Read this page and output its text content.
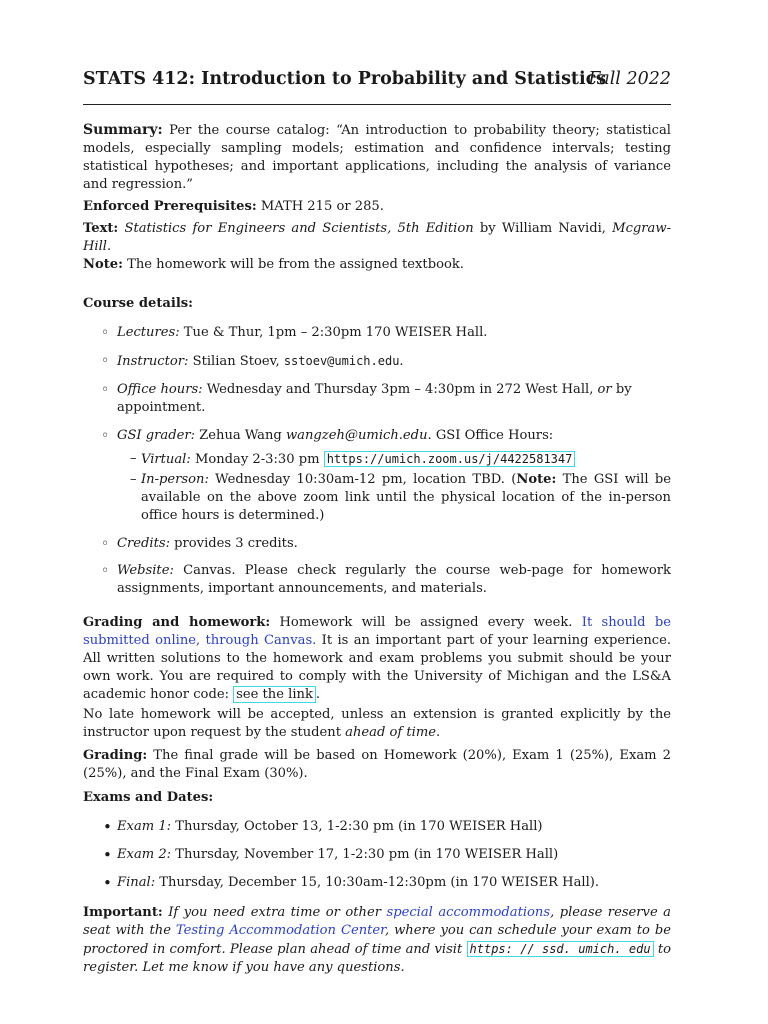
STATS 412: Introduction to Probability and Statistics
Fall 2022

Summary: Per the course catalog: “An introduction to probability theory; statistical models, especially sampling models; estimation and confidence intervals; testing statistical hypotheses; and important applications, including the analysis of variance and regression.”

Enforced Prerequisites: MATH 215 or 285.

Text: Statistics for Engineers and Scientists, 5th Edition by William Navidi, Mcgraw-Hill.

Note: The homework will be from the assigned textbook.

Course details:

◦ Lectures: Tue & Thur, 1pm – 2:30pm 170 WEISER Hall.
◦ Instructor: Stilian Stoev, sstoev@umich.edu.
◦ Office hours: Wednesday and Thursday 3pm – 4:30pm in 272 West Hall, or by appointment.
◦ GSI grader: Zehua Wang wangzeh@umich.edu. GSI Office Hours:
– Virtual: Monday 2-3:30 pm https://umich.zoom.us/j/4422581347
– In-person: Wednesday 10:30am-12 pm, location TBD. (Note: The GSI will be available on the above zoom link until the physical location of the in-person office hours is determined.)
◦ Credits: provides 3 credits.
◦ Website: Canvas. Please check regularly the course web-page for homework assignments, important announcements, and materials.

Grading and homework: Homework will be assigned every week. It should be submitted online, through Canvas. It is an important part of your learning experience. All written solutions to the homework and exam problems you submit should be your own work. You are required to comply with the University of Michigan and the LS&A academic honor code: see the link .

No late homework will be accepted, unless an extension is granted explicitly by the instructor upon request by the student ahead of time.

Grading: The final grade will be based on Homework (20%), Exam 1 (25%), Exam 2 (25%), and the Final Exam (30%).

Exams and Dates:

• Exam 1: Thursday, October 13, 1-2:30 pm (in 170 WEISER Hall)
• Exam 2: Thursday, November 17, 1-2:30 pm (in 170 WEISER Hall)
• Final: Thursday, December 15, 10:30am-12:30pm (in 170 WEISER Hall).

Important: If you need extra time or other special accommodations, please reserve a seat with the Testing Accommodation Center, where you can schedule your exam to be proctored in comfort. Please plan ahead of time and visit https: // ssd. umich. edu to register. Let me know if you have any questions.
